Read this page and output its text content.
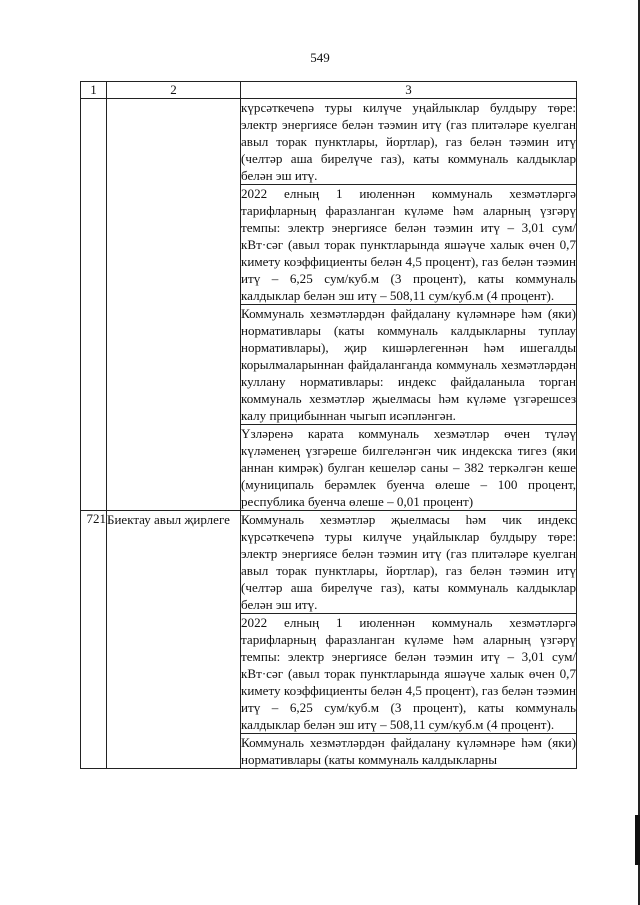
549
1	2	3

		күрсәткечenә туры килүче уңайлыклар булдыру төре: электр энергиясе белән тәэмин итү (газ плитәләре куелган авыл торак пунктлары, йортлар), газ белән тәэмин итү (челтәр аша бирелүче газ), каты коммуналь калдыклар белән эш итү.

2022 елның 1 июленнән коммуналь хезмәтләргә тарифларның фаразланган күләме һәм аларның үзгәрү темпы: электр энергиясе белән тәэмин итү – 3,01 сум/кВт·сәг (авыл торак пунктларында яшәүче халык өчен 0,7 кимету коэффициенты белән 4,5 процент), газ белән тәэмин итү – 6,25 сум/куб.м (3 процент), каты коммуналь калдыклар белән эш итү – 508,11 сум/куб.м (4 процент).

Коммуналь хезмәтләрдән файдалану күләмнәре һәм (яки) нормативлары (каты коммуналь калдыкларны туплау нормативлары), җир кишәрлегеннән һәм ишегалды корылмаларыннан файдаланганда коммуналь хезмәтләрдән куллану нормативлары: индекс файдаланыла торган коммуналь хезмәтләр җыелмасы һәм күләме үзгәрешсез калу прицибыннан чыгып исәпләнгән.

Үзләренә карата коммуналь хезмәтләр өчен түләү күләменең үзгәреше билгеләнгән чик индекска тигез (яки аннан кимрәк) булган кешеләр саны – 382 теркәлгән кеше (муниципаль берәмлек буенча өлеше – 100 процент, республика буенча өлеше – 0,01 процент)

721	Биектау авыл җирлеге	Коммуналь хезмәтләр җыелмасы һәм чик индекс күрсәткечenә туры килүче уңайлыклар булдыру төре: электр энергиясе белән тәэмин итү (газ плитәләре куелган авыл торак пунктлары, йортлар), газ белән тәэмин итү (челтәр аша бирелүче газ), каты коммуналь калдыклар белән эш итү.

2022 елның 1 июленнән коммуналь хезмәтләргә тарифларның фаразланган күләме һәм аларның үзгәрү темпы: электр энергиясе белән тәэмин итү – 3,01 сум/кВт·сәг (авыл торак пунктларында яшәүче халык өчен 0,7 кимету коэффициенты белән 4,5 процент), газ белән тәэмин итү – 6,25 сум/куб.м (3 процент), каты коммуналь калдыклар белән эш итү – 508,11 сум/куб.м (4 процент).

Коммуналь хезмәтләрдән файдалану күләмнәре һәм (яки) нормативлары (каты коммуналь калдыкларны
